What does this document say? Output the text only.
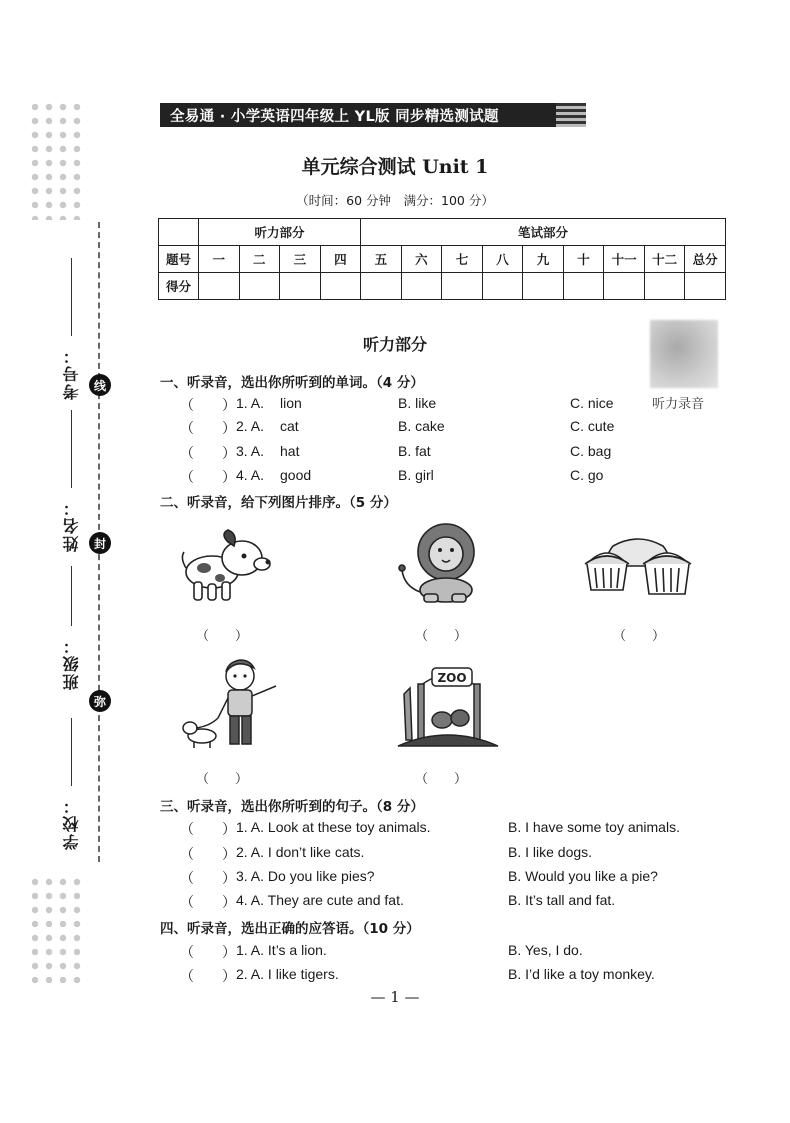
线
封
弥
考号：
姓名：
班级：
学校：
全易通 · 小学英语四年级上 YL版 同步精选测试题
单元综合测试 Unit 1
（时间：60 分钟　满分：100 分）
	听力部分				笔试部分								
题号	一	二	三	四	五	六	七	八	九	十	十一	十二	总分
得分													
听力部分
听力录音
一、听录音，选出你所听到的单词。（4 分）
（　　） 1. A. lion	B. like	C. nice
（　　） 2. A. cat	B. cake	C. cute
（　　） 3. A. hat	B. fat	C. bag
（　　） 4. A. good	B. girl	C. go
二、听录音，给下列图片排序。（5 分）
（　　）	（　　）	（　　）
（　　）
ZOO
（　　）
三、听录音，选出你所听到的句子。（8 分）
（　　） 1. A. Look at these toy animals.	B. I have some toy animals.
（　　） 2. A. I don’t like cats.	B. I like dogs.
（　　） 3. A. Do you like pies?	B. Would you like a pie?
（　　） 4. A. They are cute and fat.	B. It’s tall and fat.
四、听录音，选出正确的应答语。（10 分）
（　　） 1. A. It’s a lion.	B. Yes, I do.
（　　） 2. A. I like tigers.	B. I’d like a toy monkey.
— 1 —
